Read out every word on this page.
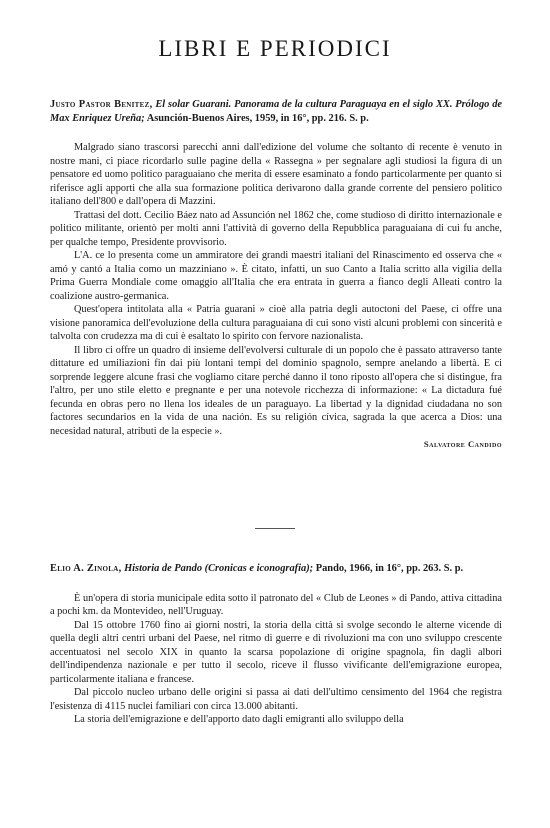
LIBRI E PERIODICI

Justo Pastor Benitez, El solar Guarani. Panorama de la cultura Paraguaya en el siglo XX. Prólogo de Max Enriquez Ureña; Asunción-Buenos Aires, 1959, in 16°, pp. 216. S. p.

Malgrado siano trascorsi parecchi anni dall'edizione del volume che soltanto di recente è venuto in nostre mani, ci piace ricordarlo sulle pagine della « Rassegna » per segnalare agli studiosi la figura di un pensatore ed uomo politico paraguaiano che merita di essere esaminato a fondo particolarmente per quanto si riferisce agli apporti che alla sua formazione politica derivarono dalla grande corrente del pensiero politico italiano dell'800 e dall'opera di Mazzini.

Trattasi del dott. Cecilio Báez nato ad Assunción nel 1862 che, come studioso di diritto internazionale e politico militante, orientò per molti anni l'attività di governo della Repubblica paraguaiana di cui fu anche, per qualche tempo, Presidente provvisorio.

L'A. ce lo presenta come un ammiratore dei grandi maestri italiani del Rinascimento ed osserva che « amó y cantó a Italia como un mazziniano ». È citato, infatti, un suo Canto a Italia scritto alla vigilia della Prima Guerra Mondiale come omaggio all'Italia che era entrata in guerra a fianco degli Alleati contro la coalizione austro-germanica.

Quest'opera intitolata alla « Patria guarani » cioè alla patria degli autoctoni del Paese, ci offre una visione panoramica dell'evoluzione della cultura paraguaiana di cui sono visti alcuni problemi con sincerità e talvolta con crudezza ma di cui è esaltato lo spirito con fervore nazionalista.

Il libro ci offre un quadro di insieme dell'evolversi culturale di un popolo che è passato attraverso tante dittature ed umiliazioni fin dai più lontani tempi del dominio spagnolo, sempre anelando a libertà. E ci sorprende leggere alcune frasi che vogliamo citare perché danno il tono riposto all'opera che si distingue, fra l'altro, per uno stile eletto e pregnante e per una notevole ricchezza di informazione: « La dictadura fué fecunda en obras pero no llena los ideales de un paraguayo. La libertad y la dignidad ciudadana no son factores secundarios en la vida de una nación. Es su religión cívica, sagrada la que acerca a Dios: una necesidad natural, atributi de la especie ».

Salvatore Candido

Elio A. Zinola, Historia de Pando (Cronicas e iconografia); Pando, 1966, in 16°, pp. 263. S. p.

È un'opera di storia municipale edita sotto il patronato del « Club de Leones » di Pando, attiva cittadina a pochi km. da Montevideo, nell'Uruguay.

Dal 15 ottobre 1760 fino ai giorni nostri, la storia della città si svolge secondo le alterne vicende di quella degli altri centri urbani del Paese, nel ritmo di guerre e di rivoluzioni ma con uno sviluppo crescente accentuatosi nel secolo XIX in quanto la scarsa popolazione di origine spagnola, fin dagli albori dell'indipendenza nazionale e per tutto il secolo, riceve il flusso vivificante dell'emigrazione europea, particolarmente italiana e francese.

Dal piccolo nucleo urbano delle origini si passa ai dati dell'ultimo censimento del 1964 che registra l'esistenza di 4115 nuclei familiari con circa 13.000 abitanti.

La storia dell'emigrazione e dell'apporto dato dagli emigranti allo sviluppo della
